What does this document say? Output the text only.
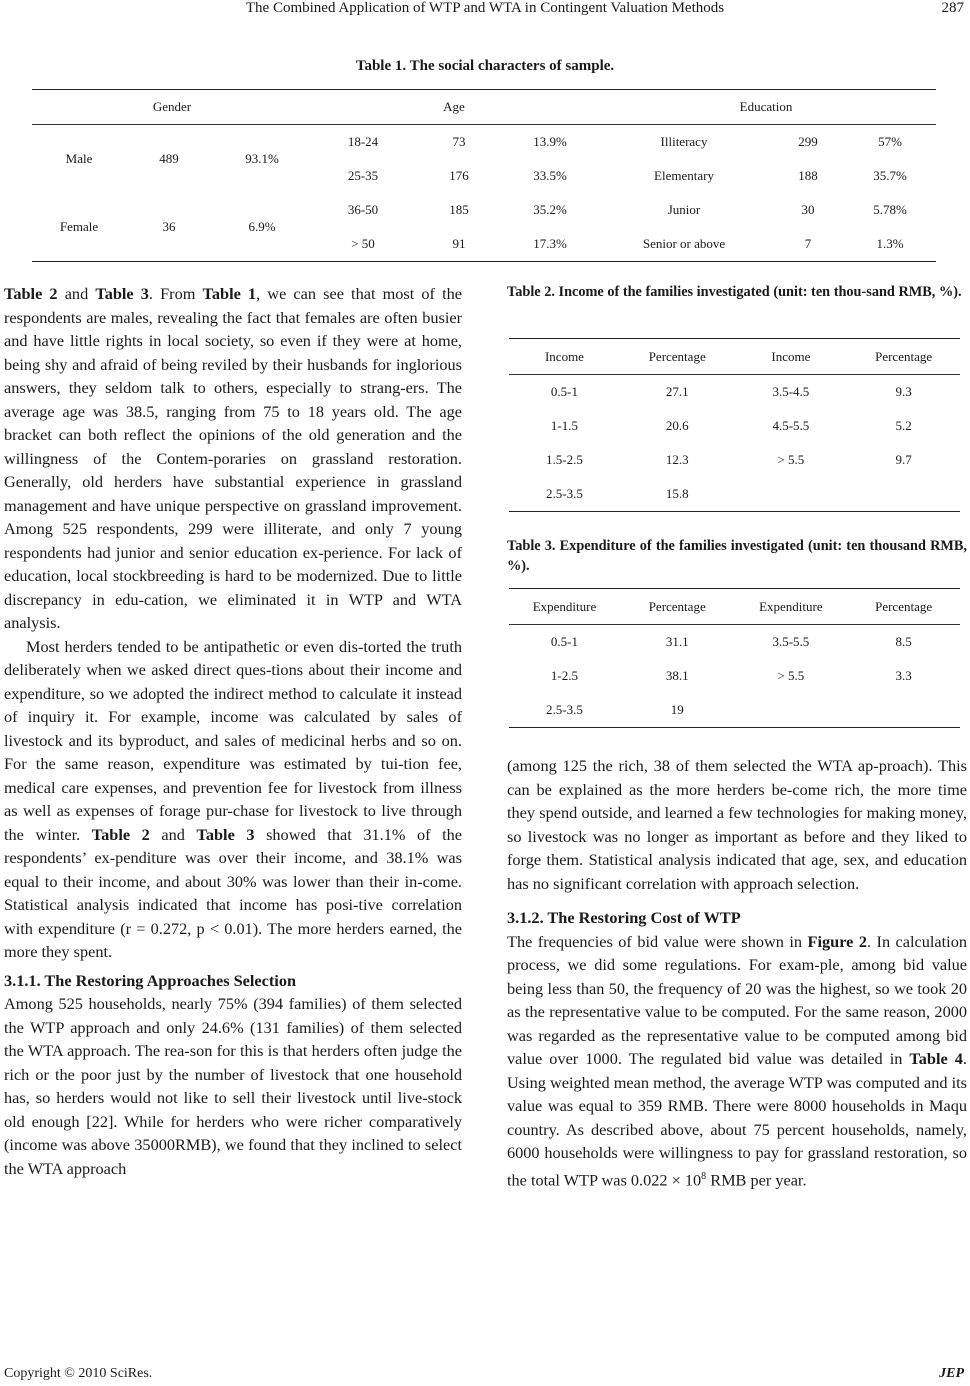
The Combined Application of WTP and WTA in Contingent Valuation Methods	287
Table 1. The social characters of sample.
Gender			Age			Education		
Male	489	93.1%	18-24	73	13.9%	Illiteracy	299	57%
			25-35	176	33.5%	Elementary	188	35.7%
Female	36	6.9%	36-50	185	35.2%	Junior	30	5.78%
			> 50	91	17.3%	Senior or above	7	1.3%

Table 2 and Table 3. From Table 1, we can see that most of the respondents are males, revealing the fact that females are often busier and have little rights in local society, so even if they were at home, being shy and afraid of being reviled by their husbands for inglorious answers, they seldom talk to others, especially to strang-ers. The average age was 38.5, ranging from 75 to 18 years old. The age bracket can both reflect the opinions of the old generation and the willingness of the Contem-poraries on grassland restoration. Generally, old herders have substantial experience in grassland management and have unique perspective on grassland improvement. Among 525 respondents, 299 were illiterate, and only 7 young respondents had junior and senior education ex-perience. For lack of education, local stockbreeding is hard to be modernized. Due to little discrepancy in edu-cation, we eliminated it in WTP and WTA analysis.

Most herders tended to be antipathetic or even dis-torted the truth deliberately when we asked direct ques-tions about their income and expenditure, so we adopted the indirect method to calculate it instead of inquiry it. For example, income was calculated by sales of livestock and its byproduct, and sales of medicinal herbs and so on. For the same reason, expenditure was estimated by tui-tion fee, medical care expenses, and prevention fee for livestock from illness as well as expenses of forage pur-chase for livestock to live through the winter. Table 2 and Table 3 showed that 31.1% of the respondents’ ex-penditure was over their income, and 38.1% was equal to their income, and about 30% was lower than their in-come. Statistical analysis indicated that income has posi-tive correlation with expenditure (r = 0.272, p < 0.01). The more herders earned, the more they spent.

3.1.1. The Restoring Approaches Selection

Among 525 households, nearly 75% (394 families) of them selected the WTP approach and only 24.6% (131 families) of them selected the WTA approach. The rea-son for this is that herders often judge the rich or the poor just by the number of livestock that one household has, so herders would not like to sell their livestock until live-stock old enough [22]. While for herders who were richer comparatively (income was above 35000RMB), we found that they inclined to select the WTA approach

Table 2. Income of the families investigated (unit: ten thou-sand RMB, %).
Income	Percentage	Income	Percentage
0.5-1	27.1	3.5-4.5	9.3
1-1.5	20.6	4.5-5.5	5.2
1.5-2.5	12.3	> 5.5	9.7
2.5-3.5	15.8		
Table 3. Expenditure of the families investigated (unit: ten thousand RMB, %).
Expenditure	Percentage	Expenditure	Percentage
0.5-1	31.1	3.5-5.5	8.5
1-2.5	38.1	> 5.5	3.3
2.5-3.5	19		

(among 125 the rich, 38 of them selected the WTA ap-proach). This can be explained as the more herders be-come rich, the more time they spend outside, and learned a few technologies for making money, so livestock was no longer as important as before and they liked to forge them. Statistical analysis indicated that age, sex, and education has no significant correlation with approach selection.

3.1.2. The Restoring Cost of WTP

The frequencies of bid value were shown in Figure 2. In calculation process, we did some regulations. For exam-ple, among bid value being less than 50, the frequency of 20 was the highest, so we took 20 as the representative value to be computed. For the same reason, 2000 was regarded as the representative value to be computed among bid value over 1000. The regulated bid value was detailed in Table 4. Using weighted mean method, the average WTP was computed and its value was equal to 359 RMB. There were 8000 households in Maqu country. As described above, about 75 percent households, namely, 6000 households were willingness to pay for grassland restoration, so the total WTP was $0.022 \times 10^8$ RMB per year.

Copyright © 2010 SciRes.	JEP
